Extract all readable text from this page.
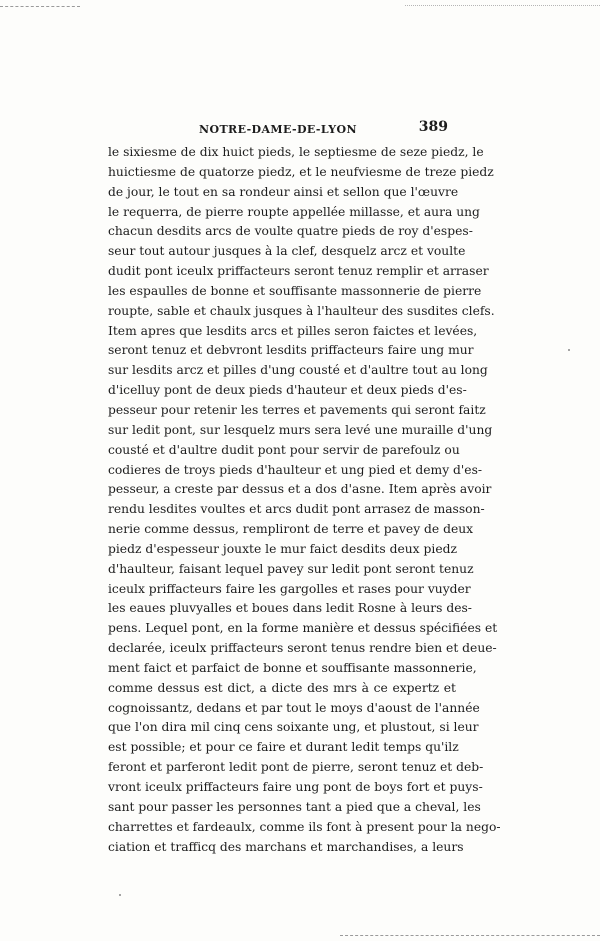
NOTRE-DAME-DE-LYON	389
le sixiesme de dix huict pieds, le septiesme de seze piedz, le
huictiesme de quatorze piedz, et le neufviesme de treze piedz
de jour, le tout en sa rondeur ainsi et sellon que l'œuvre
le requerra, de pierre roupte appellée millasse, et aura ung
chacun desdits arcs de voulte quatre pieds de roy d'espes-
seur tout autour jusques à la clef, desquelz arcz et voulte
dudit pont iceulx priffacteurs seront tenuz remplir et arraser
les espaulles de bonne et souffisante massonnerie de pierre
roupte, sable et chaulx jusques à l'haulteur des susdites clefs.
Item apres que lesdits arcs et pilles seron faictes et levées,
seront tenuz et debvront lesdits priffacteurs faire ung mur
sur lesdits arcz et pilles d'ung cousté et d'aultre tout au long
d'icelluy pont de deux pieds d'hauteur et deux pieds d'es-
pesseur pour retenir les terres et pavements qui seront faitz
sur ledit pont, sur lesquelz murs sera levé une muraille d'ung
cousté et d'aultre dudit pont pour servir de parefoulz ou
codieres de troys pieds d'haulteur et ung pied et demy d'es-
pesseur, a creste par dessus et a dos d'asne. Item après avoir
rendu lesdites voultes et arcs dudit pont arrasez de masson-
nerie comme dessus, rempliront de terre et pavey de deux
piedz d'espesseur jouxte le mur faict desdits deux piedz
d'haulteur, faisant lequel pavey sur ledit pont seront tenuz
iceulx priffacteurs faire les gargolles et rases pour vuyder
les eaues pluvyalles et boues dans ledit Rosne à leurs des-
pens. Lequel pont, en la forme manière et dessus spécifiées et
declarée, iceulx priffacteurs seront tenus rendre bien et deue-
ment faict et parfaict de bonne et souffisante massonnerie,
comme dessus est dict, a dicte des mrs à ce expertz et
cognoissantz, dedans et par tout le moys d'aoust de l'année
que l'on dira mil cinq cens soixante ung, et plustout, si leur
est possible; et pour ce faire et durant ledit temps qu'ilz
feront et parferont ledit pont de pierre, seront tenuz et deb-
vront iceulx priffacteurs faire ung pont de boys fort et puys-
sant pour passer les personnes tant a pied que a cheval, les
charrettes et fardeaulx, comme ils font à present pour la nego-
ciation et trafficq des marchans et marchandises, a leurs
